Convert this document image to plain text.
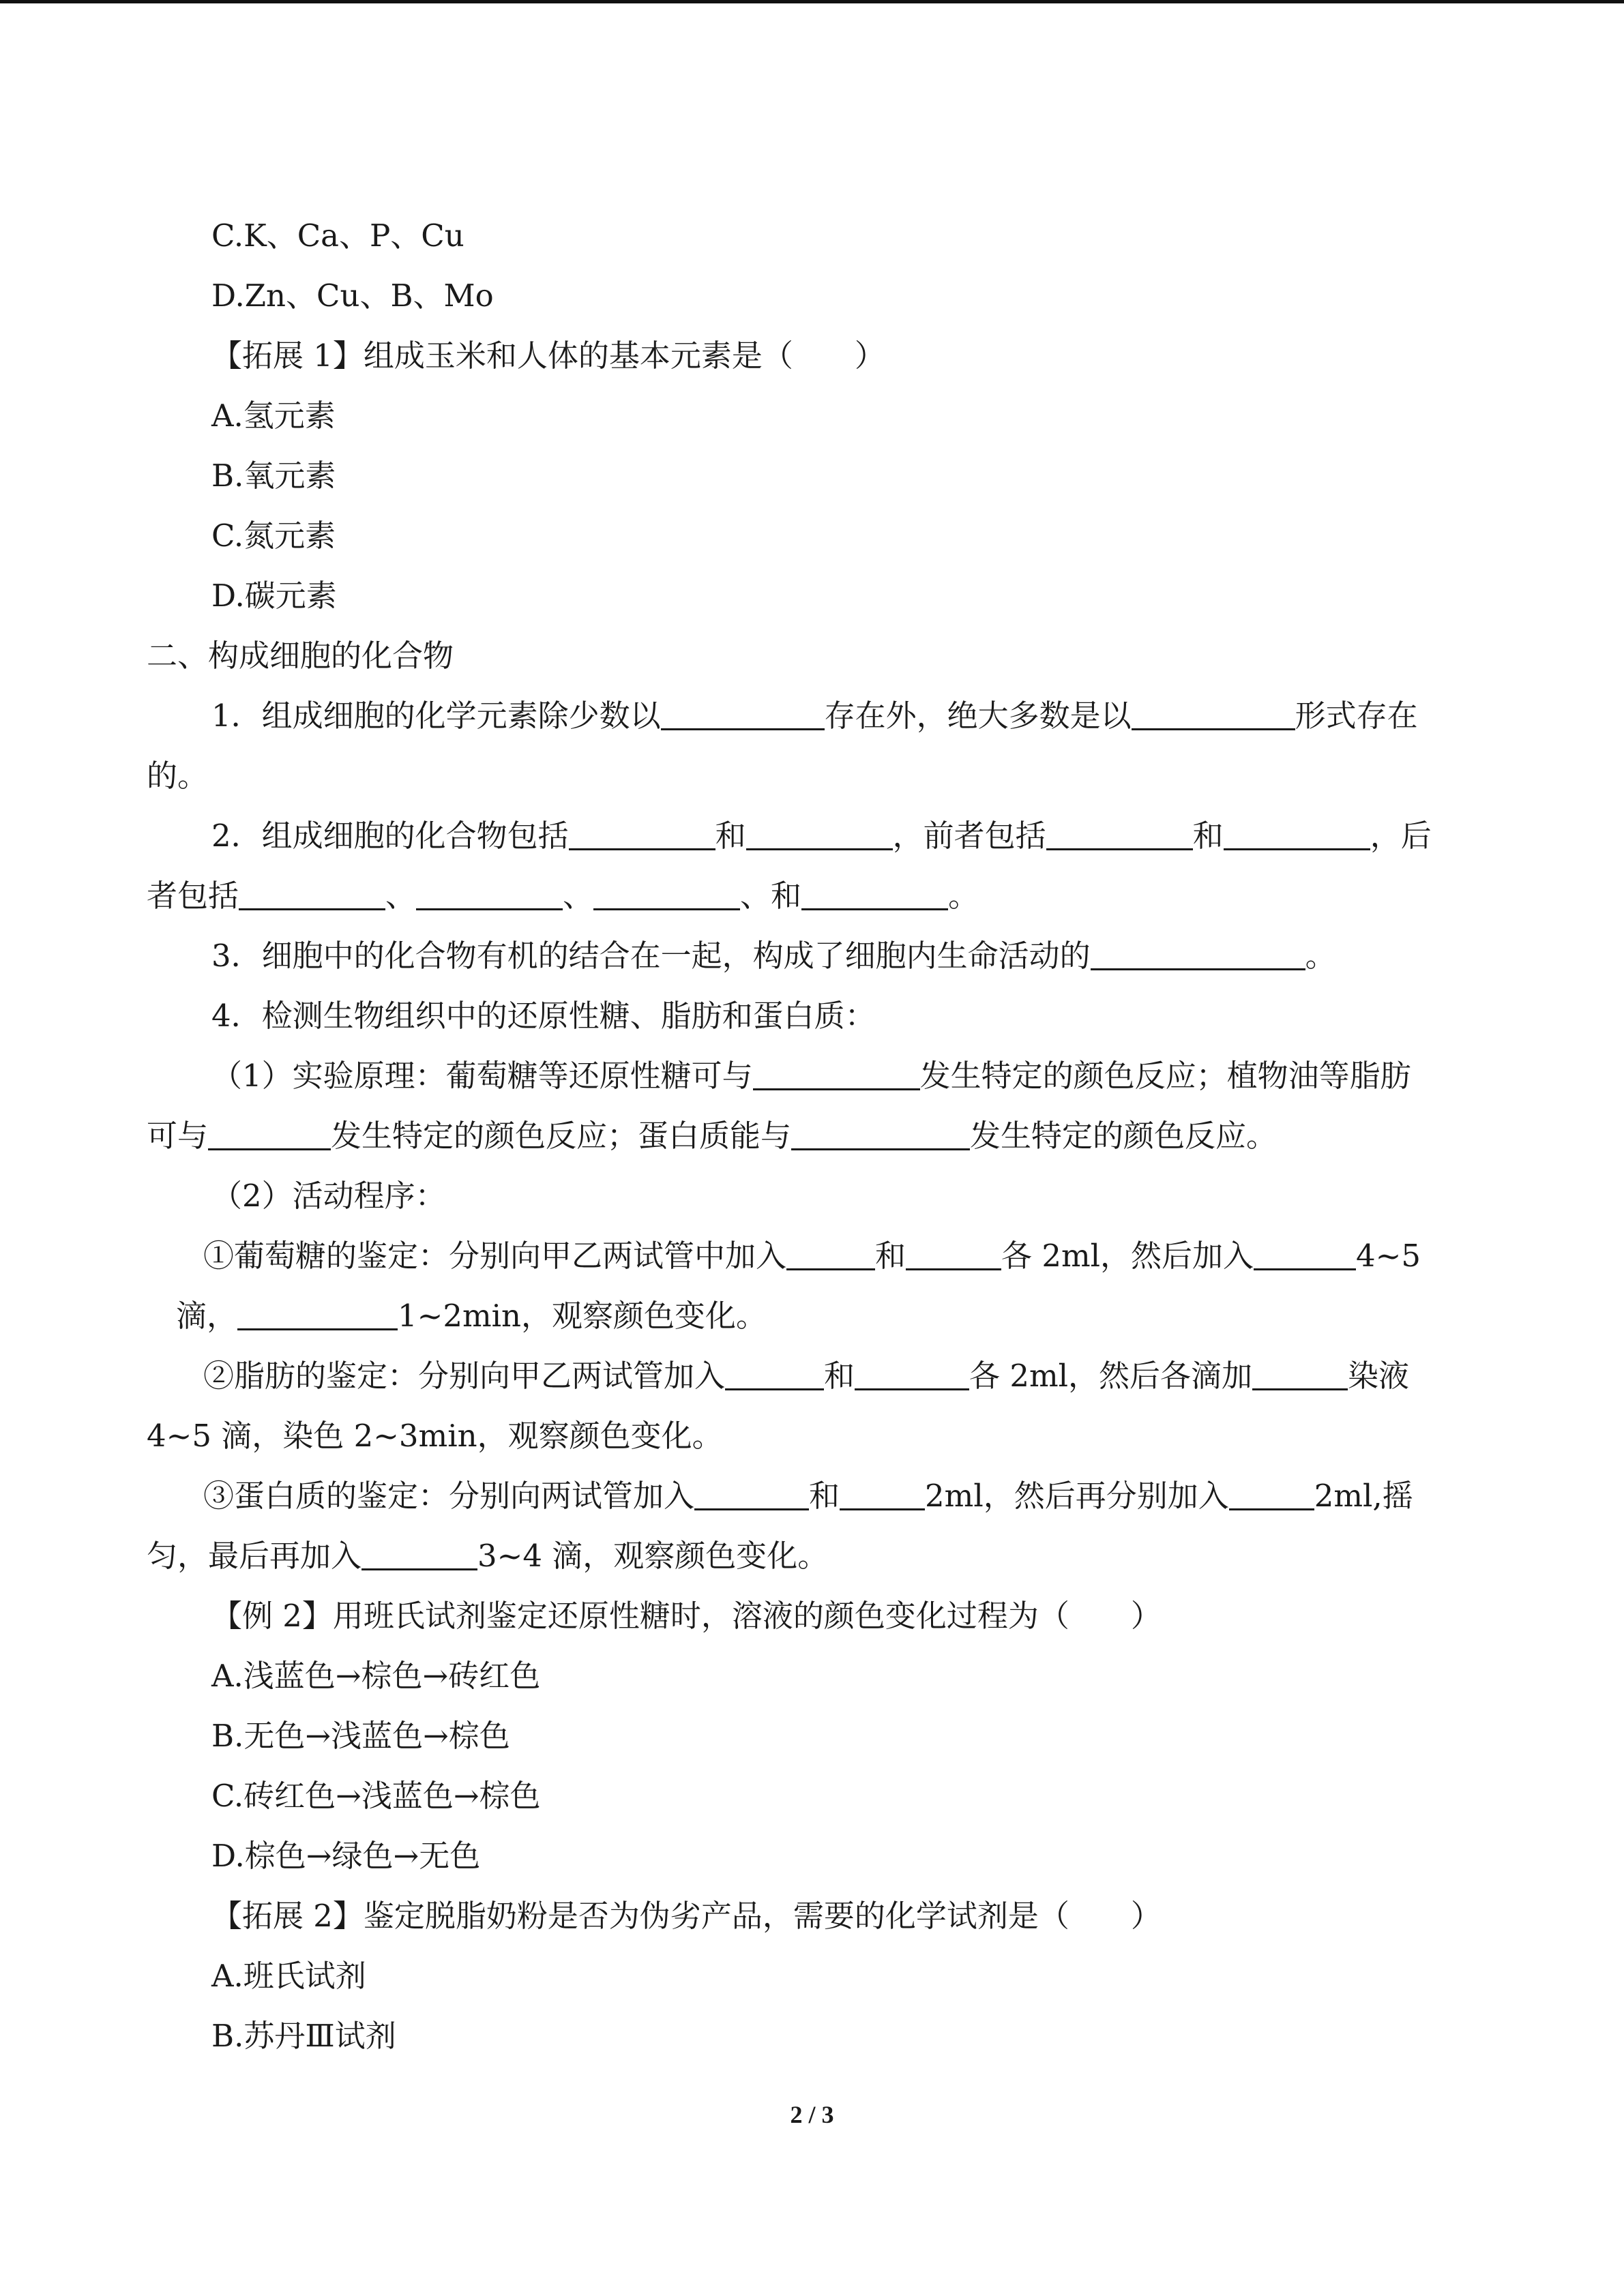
C.K、Ca、P、Cu
D.Zn、Cu、B、Mo
【拓展 1】组成玉米和人体的基本元素是（　　）
A.氢元素
B.氧元素
C.氮元素
D.碳元素
二、构成细胞的化合物
1．组成细胞的化学元素除少数以	存在外，绝大多数是以	形式存在
的。
2．组成细胞的化合物包括	和	，前者包括	和	，后
者包括	、	、	、和	。
3．细胞中的化合物有机的结合在一起，构成了细胞内生命活动的	。
4．检测生物组织中的还原性糖、脂肪和蛋白质：
（1）实验原理：葡萄糖等还原性糖可与	发生特定的颜色反应；植物油等脂肪
可与	发生特定的颜色反应；蛋白质能与	发生特定的颜色反应。
（2）活动程序：
①葡萄糖的鉴定：分别向甲乙两试管中加入	和	各 2ml，然后加入	4~5
滴，	1~2min，观察颜色变化。
②脂肪的鉴定：分别向甲乙两试管加入	和	各 2ml，然后各滴加	染液
4~5 滴，染色 2~3min，观察颜色变化。
③蛋白质的鉴定：分别向两试管加入	和	2ml，然后再分别加入	2ml,摇
匀，最后再加入	3~4 滴，观察颜色变化。
【例 2】用班氏试剂鉴定还原性糖时，溶液的颜色变化过程为（　　）
A.浅蓝色→棕色→砖红色
B.无色→浅蓝色→棕色
C.砖红色→浅蓝色→棕色
D.棕色→绿色→无色
【拓展 2】鉴定脱脂奶粉是否为伪劣产品，需要的化学试剂是（　　）
A.班氏试剂
B.苏丹Ⅲ试剂
2 / 3
